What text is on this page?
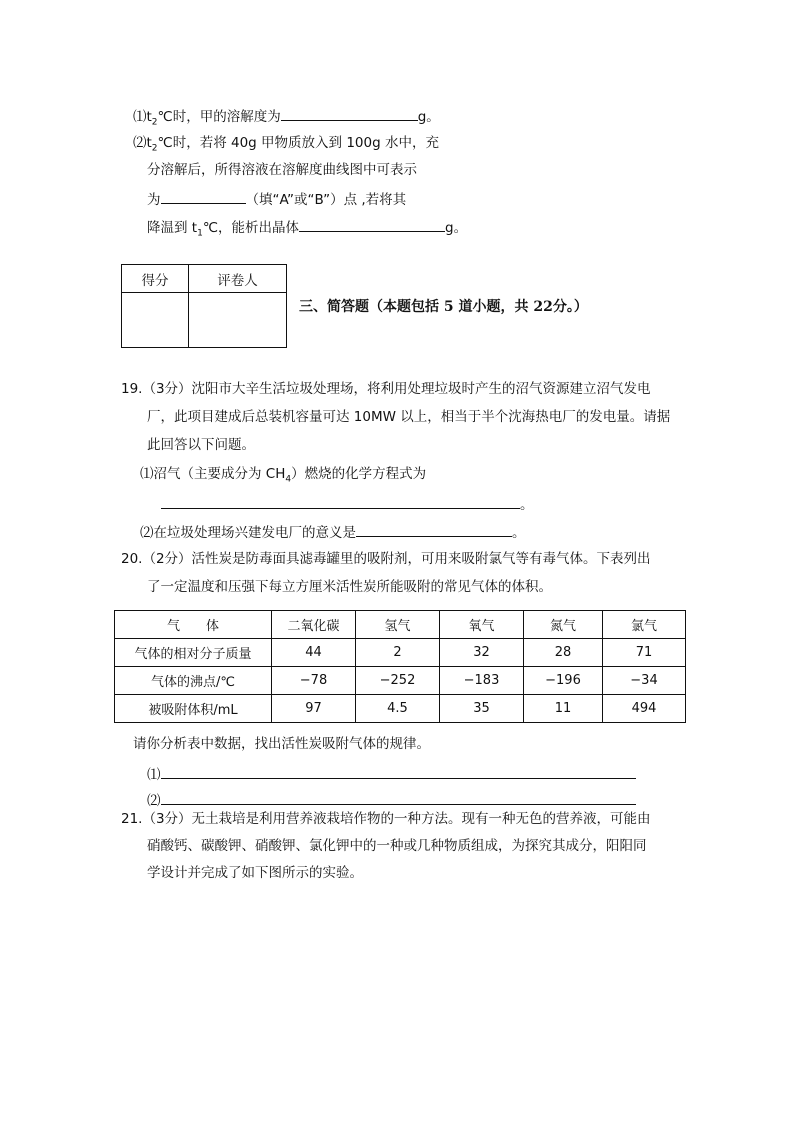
$⑴t_2℃$时，甲的溶解度为	g。
$⑵t_2℃$时，若将 40g 甲物质放入到 100g 水中，充
分溶解后，所得溶液在溶解度曲线图中可表示
为	（填“A”或“B”）点 ,若将其
降温到 $t_1℃$，能析出晶体	g。
得分	评卷人

三、简答题（本题包括 5 道小题，共 22分。）
19.（3分）沈阳市大辛生活垃圾处理场，将利用处理垃圾时产生的沼气资源建立沼气发电
厂，此项目建成后总装机容量可达 10MW 以上，相当于半个沈海热电厂的发电量。请据
此回答以下问题。
⑴沼气（主要成分为 $CH_4$）燃烧的化学方程式为
。
⑵在垃圾处理场兴建发电厂的意义是	。
20.（2分）活性炭是防毒面具滤毒罐里的吸附剂，可用来吸附氯气等有毒气体。下表列出
了一定温度和压强下每立方厘米活性炭所能吸附的常见气体的体积。
气　　体	二氧化碳	氢气	氧气	氮气	氯气
气体的相对分子质量	44	2	32	28	71
气体的沸点/℃	−78	−252	−183	−196	−34
被吸附体积/mL	97	4.5	35	11	494
请你分析表中数据，找出活性炭吸附气体的规律。
⑴
⑵
21.（3分）无土栽培是利用营养液栽培作物的一种方法。现有一种无色的营养液，可能由
硝酸钙、碳酸钾、硝酸钾、氯化钾中的一种或几种物质组成，为探究其成分，阳阳同
学设计并完成了如下图所示的实验。
